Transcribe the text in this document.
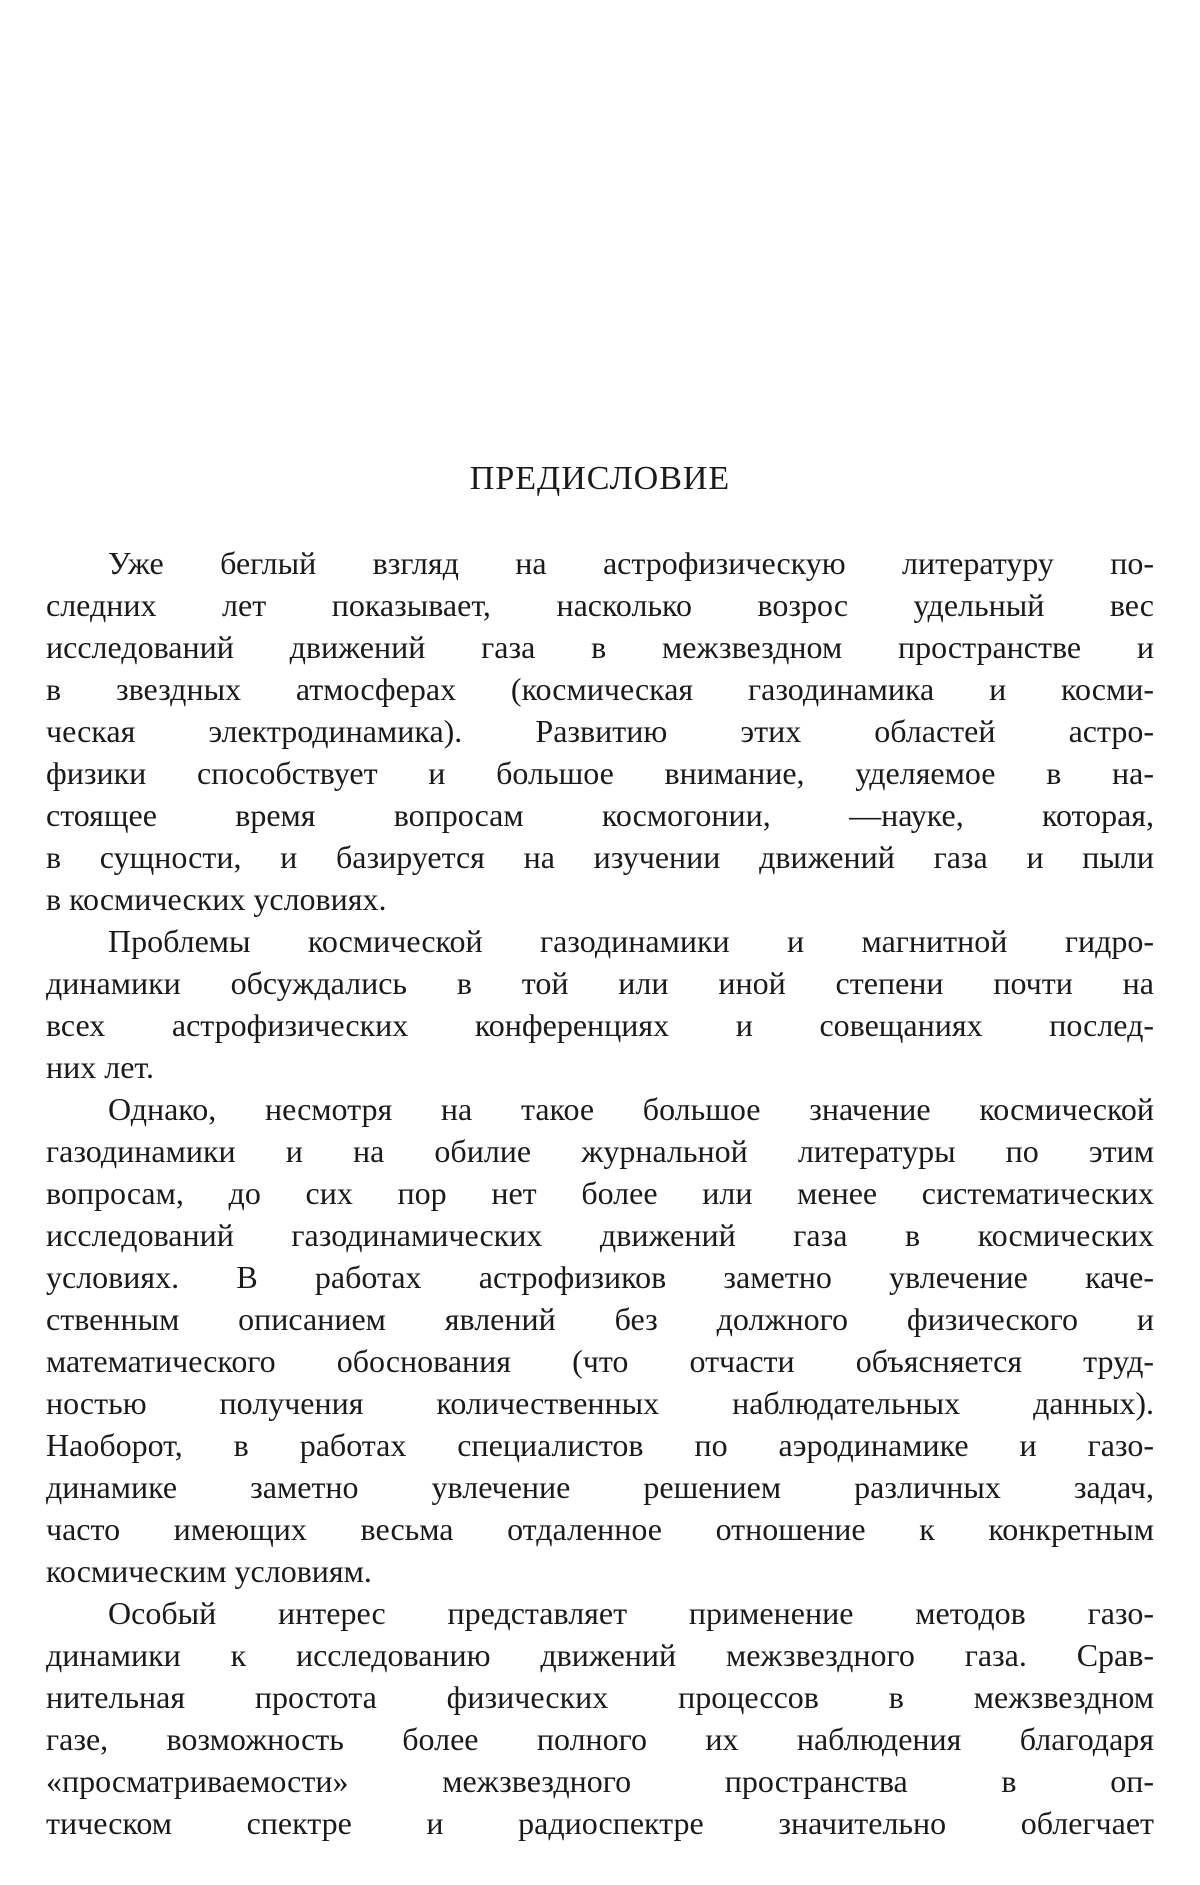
ПРЕДИСЛОВИЕ
Уже беглый взгляд на астрофизическую литературу по-
следних лет показывает, насколько возрос удельный вес
исследований движений газа в межзвездном пространстве и
в звездных атмосферах (космическая газодинамика и косми-
ческая электродинамика). Развитию этих областей астро-
физики способствует и большое внимание, уделяемое в на-
стоящее время вопросам космогонии, —науке, которая,
в сущности, и базируется на изучении движений газа и пыли
в космических условиях.
Проблемы космической газодинамики и магнитной гидро-
динамики обсуждались в той или иной степени почти на
всех астрофизических конференциях и совещаниях послед-
них лет.
Однако, несмотря на такое большое значение космической
газодинамики и на обилие журнальной литературы по этим
вопросам, до сих пор нет более или менее систематических
исследований газодинамических движений газа в космических
условиях. В работах астрофизиков заметно увлечение каче-
ственным описанием явлений без должного физического и
математического обоснования (что отчасти объясняется труд-
ностью получения количественных наблюдательных данных).
Наоборот, в работах специалистов по аэродинамике и газо-
динамике заметно увлечение решением различных задач,
часто имеющих весьма отдаленное отношение к конкретным
космическим условиям.
Особый интерес представляет применение методов газо-
динамики к исследованию движений межзвездного газа. Срав-
нительная простота физических процессов в межзвездном
газе, возможность более полного их наблюдения благодаря
«просматриваемости» межзвездного пространства в оп-
тическом спектре и радиоспектре значительно облегчает
